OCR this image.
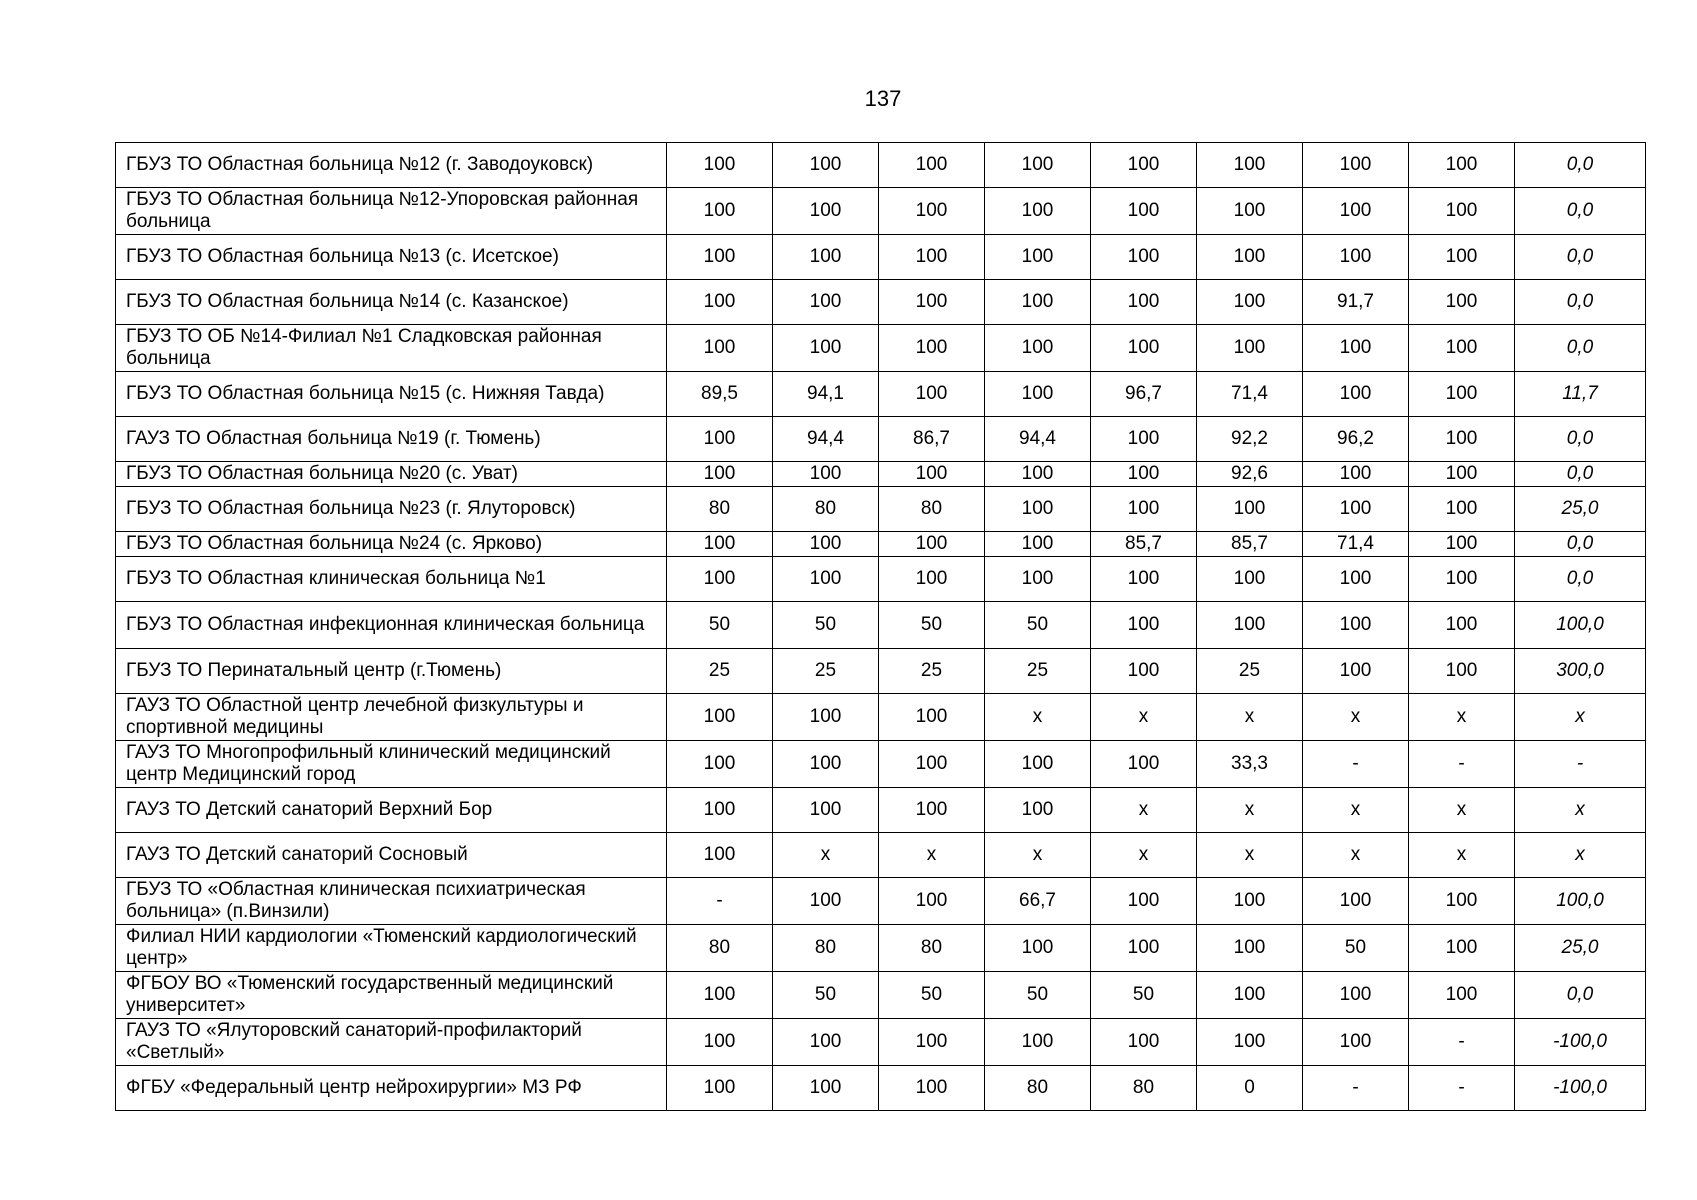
137
ГБУЗ ТО Областная больница №12 (г. Заводоуковск)	100	100	100	100	100	100	100	100	0,0
ГБУЗ ТО Областная больница №12-Упоровская районная больница	100	100	100	100	100	100	100	100	0,0
ГБУЗ ТО Областная больница №13 (с. Исетское)	100	100	100	100	100	100	100	100	0,0
ГБУЗ ТО Областная больница №14 (с. Казанское)	100	100	100	100	100	100	91,7	100	0,0
ГБУЗ ТО ОБ №14-Филиал №1 Сладковская районная больница	100	100	100	100	100	100	100	100	0,0
ГБУЗ ТО Областная больница №15 (с. Нижняя Тавда)	89,5	94,1	100	100	96,7	71,4	100	100	11,7
ГАУЗ ТО Областная больница №19 (г. Тюмень)	100	94,4	86,7	94,4	100	92,2	96,2	100	0,0
ГБУЗ ТО Областная больница №20 (с. Уват)	100	100	100	100	100	92,6	100	100	0,0
ГБУЗ ТО Областная больница №23 (г. Ялуторовск)	80	80	80	100	100	100	100	100	25,0
ГБУЗ ТО Областная больница №24 (с. Ярково)	100	100	100	100	85,7	85,7	71,4	100	0,0
ГБУЗ ТО Областная клиническая больница №1	100	100	100	100	100	100	100	100	0,0
ГБУЗ ТО Областная инфекционная клиническая больница	50	50	50	50	100	100	100	100	100,0
ГБУЗ ТО Перинатальный центр (г.Тюмень)	25	25	25	25	100	25	100	100	300,0
ГАУЗ ТО Областной центр лечебной физкультуры и спортивной медицины	100	100	100	x	x	x	x	x	x
ГАУЗ ТО Многопрофильный клинический медицинский центр Медицинский город	100	100	100	100	100	33,3	-	-	-
ГАУЗ ТО Детский санаторий Верхний Бор	100	100	100	100	x	x	x	x	x
ГАУЗ ТО Детский санаторий Сосновый	100	x	x	x	x	x	x	x	x
ГБУЗ ТО «Областная клиническая психиатрическая больница» (п.Винзили)	-	100	100	66,7	100	100	100	100	100,0
Филиал НИИ кардиологии «Тюменский кардиологический центр»	80	80	80	100	100	100	50	100	25,0
ФГБОУ ВО «Тюменский государственный медицинский университет»	100	50	50	50	50	100	100	100	0,0
ГАУЗ ТО «Ялуторовский санаторий-профилакторий «Светлый»	100	100	100	100	100	100	100	-	-100,0
ФГБУ «Федеральный центр нейрохирургии» МЗ РФ	100	100	100	80	80	0	-	-	-100,0
